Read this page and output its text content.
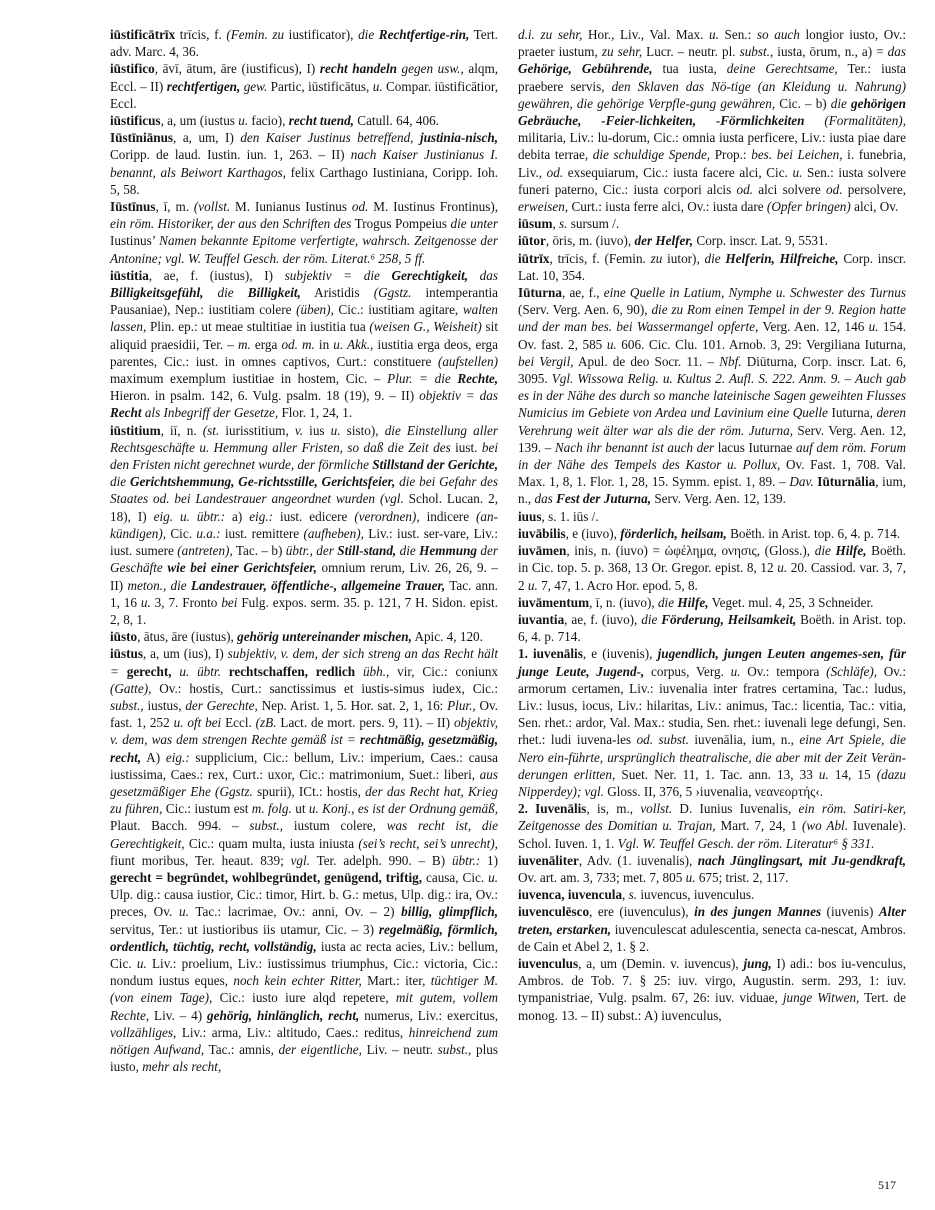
iūstificātrīx trīcis, f. (Femin. zu iustificator), die Rechtfertige-rin, Tert. adv. Marc. 4, 36.

iūstifico, āvī, ātum, āre (iustificus), I) recht handeln gegen usw., alqm, Eccl. – II) rechtfertigen, gew. Partic, iūstificātus, u. Compar. iūstificātior, Eccl.

iūstificus, a, um (iustus u. facio), recht tuend, Catull. 64, 406.

Iūstīniānus, a, um, I) den Kaiser Justinus betreffend, justinia-nisch, Coripp. de laud. Iustin. iun. 1, 263. – II) nach Kaiser Justinianus I. benannt, als Beiwort Karthagos, felix Carthago Iustiniana, Coripp. Ioh. 5, 58.

Iūstīnus, ī, m. (vollst. M. Iunianus Iustinus od. M. Iustinus Frontinus), ein röm. Historiker, der aus den Schriften des Trogus Pompeius die unter Iustinus’ Namen bekannte Epitome verfertigte, wahrsch. Zeitgenosse der Antonine; vgl. W. Teuffel Gesch. der röm. Literat.⁶ 258, 5 ff.

iūstitia, ae, f. (iustus), I) subjektiv = die Gerechtigkeit, das Billigkeitsgefühl, die Billigkeit, Aristidis (Ggstz. intemperantia Pausaniae), Nep.: iustitiam colere (üben), Cic.: iustitiam agitare, walten lassen, Plin. ep.: ut meae stultitiae in iustitia tua (weisen G., Weisheit) sit aliquid praesidii, Ter. – m. erga od. m. in u. Akk., iustitia erga deos, erga parentes, Cic.: iust. in omnes captivos, Curt.: constituere (aufstellen) maximum exemplum iustitiae in hostem, Cic. – Plur. = die Rechte, Hieron. in psalm. 142, 6. Vulg. psalm. 18 (19), 9. – II) objektiv = das Recht als Inbegriff der Gesetze, Flor. 1, 24, 1.

iūstitium, iī, n. (st. iurisstitium, v. ius u. sisto), die Einstellung aller Rechtsgeschäfte u. Hemmung aller Fristen, so daß die Zeit des iust. bei den Fristen nicht gerechnet wurde, der förmliche Stillstand der Gerichte, die Gerichtshemmung, Ge-richtsstille, Gerichtsfeier, die bei Gefahr des Staates od. bei Landestrauer angeordnet wurden (vgl. Schol. Lucan. 2, 18), I) eig. u. übtr.: a) eig.: iust. edicere (verordnen), indicere (an-kündigen), Cic. u.a.: iust. remittere (aufheben), Liv.: iust. ser-vare, Liv.: iust. sumere (antreten), Tac. – b) übtr., der Still-stand, die Hemmung der Geschäfte wie bei einer Gerichtsfeier, omnium rerum, Liv. 26, 26, 9. – II) meton., die Landestrauer, öffentliche-, allgemeine Trauer, Tac. ann. 1, 16 u. 3, 7. Fronto bei Fulg. expos. serm. 35. p. 121, 7 H. Sidon. epist. 2, 8, 1.

iūsto, ātus, āre (iustus), gehörig untereinander mischen, Apic. 4, 120.

iūstus, a, um (ius), I) subjektiv, v. dem, der sich streng an das Recht hält = gerecht, u. übtr. rechtschaffen, redlich übh., vir, Cic.: coniunx (Gatte), Ov.: hostis, Curt.: sanctissimus et iustis-simus iudex, Cic.: subst., iustus, der Gerechte, Nep. Arist. 1, 5. Hor. sat. 2, 1, 16: Plur., Ov. fast. 1, 252 u. oft bei Eccl. (zB. Lact. de mort. pers. 9, 11). – II) objektiv, v. dem, was dem strengen Rechte gemäß ist = rechtmäßig, gesetzmäßig, recht, A) eig.: supplicium, Cic.: bellum, Liv.: imperium, Caes.: causa iustissima, Caes.: rex, Curt.: uxor, Cic.: matrimonium, Suet.: liberi, aus gesetzmäßiger Ehe (Ggstz. spurii), ICt.: hostis, der das Recht hat, Krieg zu führen, Cic.: iustum est m. folg. ut u. Konj., es ist der Ordnung gemäß, Plaut. Bacch. 994. – subst., iustum colere, was recht ist, die Gerechtigkeit, Cic.: quam multa, iusta iniusta (sei’s recht, sei’s unrecht), fiunt moribus, Ter. heaut. 839; vgl. Ter. adelph. 990. – B) übtr.: 1) gerecht = begründet, wohlbegründet, genügend, triftig, causa, Cic. u. Ulp. dig.: causa iustior, Cic.: timor, Hirt. b. G.: metus, Ulp. dig.: ira, Ov.: preces, Ov. u. Tac.: lacrimae, Ov.: anni, Ov. – 2) billig, glimpflich, servitus, Ter.: ut iustioribus iis utamur, Cic. – 3) regelmäßig, förmlich, ordentlich, tüchtig, recht, vollständig, iusta ac recta acies, Liv.: bellum, Cic. u. Liv.: proelium, Liv.: iustissimus triumphus, Cic.: victoria, Cic.: nondum iustus eques, noch kein echter Ritter, Mart.: iter, tüchtiger M. (von einem Tage), Cic.: iusto iure alqd repetere, mit gutem, vollem Rechte, Liv. – 4) gehörig, hinlänglich, recht, numerus, Liv.: exercitus, vollzähliges, Liv.: arma, Liv.: altitudo, Caes.: reditus, hinreichend zum nötigen Aufwand, Tac.: amnis, der eigentliche, Liv. – neutr. subst., plus iusto, mehr als recht,

d.i. zu sehr, Hor., Liv., Val. Max. u. Sen.: so auch longior iusto, Ov.: praeter iustum, zu sehr, Lucr. – neutr. pl. subst., iusta, ōrum, n., a) = das Gehörige, Gebührende, tua iusta, deine Gerechtsame, Ter.: iusta praebere servis, den Sklaven das Nö-tige (an Kleidung u. Nahrung) gewähren, die gehörige Verpfle-gung gewähren, Cic. – b) die gehörigen Gebräuche, -Feier-lichkeiten, -Förmlichkeiten (Formalitäten), militaria, Liv.: lu-dorum, Cic.: omnia iusta perficere, Liv.: iusta piae dare debita terrae, die schuldige Spende, Prop.: bes. bei Leichen, i. funebria, Liv., od. exsequiarum, Cic.: iusta facere alci, Cic. u. Sen.: iusta solvere funeri paterno, Cic.: iusta corpori alcis od. alci solvere od. persolvere, erweisen, Curt.: iusta ferre alci, Ov.: iusta dare (Opfer bringen) alci, Ov.

iūsum, s. sursum /.

iūtor, ōris, m. (iuvo), der Helfer, Corp. inscr. Lat. 9, 5531.

iūtrīx, trīcis, f. (Femin. zu iutor), die Helferin, Hilfreiche, Corp. inscr. Lat. 10, 354.

Iūturna, ae, f., eine Quelle in Latium, Nymphe u. Schwester des Turnus (Serv. Verg. Aen. 6, 90), die zu Rom einen Tempel in der 9. Region hatte und der man bes. bei Wassermangel opferte, Verg. Aen. 12, 146 u. 154. Ov. fast. 2, 585 u. 606. Cic. Clu. 101. Arnob. 3, 29: Vergiliana Iuturna, bei Vergil, Apul. de deo Socr. 11. – Nbf. Diūturna, Corp. inscr. Lat. 6, 3095. Vgl. Wissowa Relig. u. Kultus 2. Aufl. S. 222. Anm. 9. – Auch gab es in der Nähe des durch so manche lateinische Sagen geweihten Flusses Numicius im Gebiete von Ardea und Lavinium eine Quelle Iuturna, deren Verehrung weit älter war als die der röm. Juturna, Serv. Verg. Aen. 12, 139. – Nach ihr benannt ist auch der lacus Iuturnae auf dem röm. Forum in der Nähe des Tempels des Kastor u. Pollux, Ov. Fast. 1, 708. Val. Max. 1, 8, 1. Flor. 1, 28, 15. Symm. epist. 1, 89. – Dav. Iūturnālia, ium, n., das Fest der Juturna, Serv. Verg. Aen. 12, 139.

iuus, s. 1. iūs /.

iuvābilis, e (iuvo), förderlich, heilsam, Boëth. in Arist. top. 6, 4. p. 714.

iuvāmen, inis, n. (iuvo) = ὠφέλημα, ονησις, (Gloss.), die Hilfe, Boëth. in Cic. top. 5. p. 368, 13 Or. Gregor. epist. 8, 12 u. 20. Cassiod. var. 3, 7, 2 u. 7, 47, 1. Acro Hor. epod. 5, 8.

iuvāmentum, ī, n. (iuvo), die Hilfe, Veget. mul. 4, 25, 3 Schneider.

iuvantia, ae, f. (iuvo), die Förderung, Heilsamkeit, Boëth. in Arist. top. 6, 4. p. 714.

1. iuvenālis, e (iuvenis), jugendlich, jungen Leuten angemes-sen, für junge Leute, Jugend-, corpus, Verg. u. Ov.: tempora (Schläfe), Ov.: armorum certamen, Liv.: iuvenalia inter fratres certamina, Tac.: ludus, Liv.: lusus, iocus, Liv.: hilaritas, Liv.: animus, Tac.: licentia, Tac.: vitia, Sen. rhet.: ardor, Val. Max.: studia, Sen. rhet.: iuvenali lege defungi, Sen. rhet.: ludi iuvena-les od. subst. iuvenālia, ium, n., eine Art Spiele, die Nero ein-führte, ursprünglich theatralische, die aber mit der Zeit Verän-derungen erlitten, Suet. Ner. 11, 1. Tac. ann. 13, 33 u. 14, 15 (dazu Nipperdey); vgl. Gloss. II, 376, 5 ›iuvenalia, νεανεορτής‹.

2. Iuvenālis, is, m., vollst. D. Iunius Iuvenalis, ein röm. Satiri-ker, Zeitgenosse des Domitian u. Trajan, Mart. 7, 24, 1 (wo Abl. Iuvenale). Schol. Iuven. 1, 1. Vgl. W. Teuffel Gesch. der röm. Literatur⁶ § 331.

iuvenāliter, Adv. (1. iuvenalis), nach Jünglingsart, mit Ju-gendkraft, Ov. art. am. 3, 733; met. 7, 805 u. 675; trist. 2, 117.

iuvenca, iuvencula, s. iuvencus, iuvenculus.

iuvenculēsco, ere (iuvenculus), in des jungen Mannes (iuvenis) Alter treten, erstarken, iuvenculescat adulescentia, senecta ca-nescat, Ambros. de Cain et Abel 2, 1. § 2.

iuvenculus, a, um (Demin. v. iuvencus), jung, I) adi.: bos iu-venculus, Ambros. de Tob. 7. § 25: iuv. virgo, Augustin. serm. 293, 1: iuv. tympanistriae, Vulg. psalm. 67, 26: iuv. viduae, junge Witwen, Tert. de monog. 13. – II) subst.: A) iuvenculus,

517
